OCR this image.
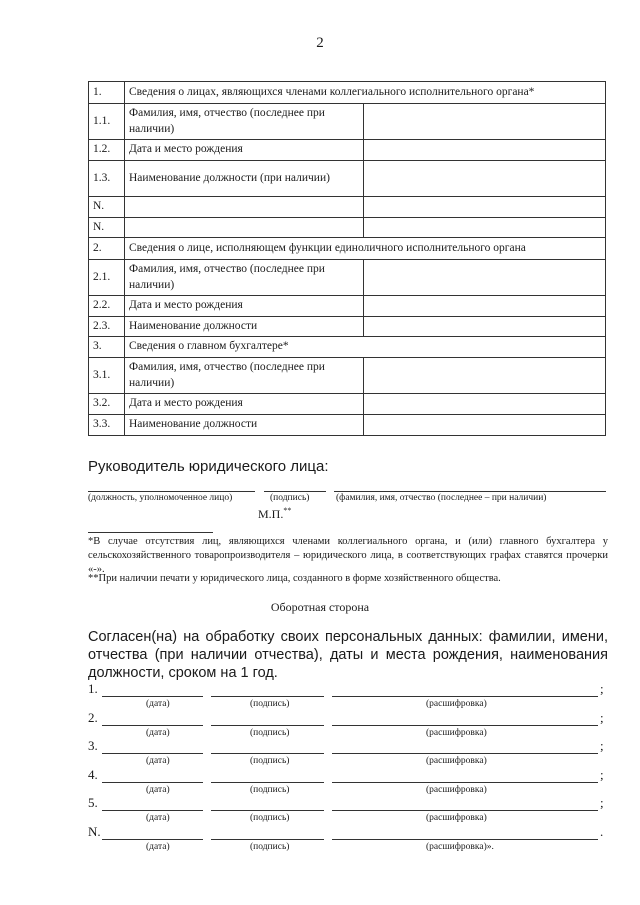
2
1.	Сведения о лицах, являющихся членами коллегиального исполнительного органа*	
1.1.	Фамилия, имя, отчество (последнее при наличии)	
1.2.	Дата и место рождения	
1.3.	Наименование должности (при наличии)	
N.		
N.		
2.	Сведения о лице, исполняющем функции единоличного исполнительного органа	
2.1.	Фамилия, имя, отчество (последнее при наличии)	
2.2.	Дата и место рождения	
2.3.	Наименование должности	
3.	Сведения о главном бухгалтере*	
3.1.	Фамилия, имя, отчество (последнее при наличии)	
3.2.	Дата и место рождения	
3.3.	Наименование должности	
Руководитель юридического лица:
(должность, уполномоченное лицо)	(подпись)	(фамилия, имя, отчество (последнее – при наличии)
М.П.**
*В случае отсутствия лиц, являющихся членами коллегиального органа, и (или) главного бухгалтера у сельскохозяйственного товаропроизводителя – юридического лица, в соответствующих графах ставятся прочерки «-».
**При наличии печати у юридического лица, созданного в форме хозяйственного общества.
Оборотная сторона
Согласен(на) на обработку своих персональных данных: фамилии, имени, отчества (при наличии отчества), даты и места рождения, наименования должности, сроком на 1 год.
1.	;
(дата)	(подпись)	(расшифровка)
2.	;
(дата)	(подпись)	(расшифровка)
3.	;
(дата)	(подпись)	(расшифровка)
4.	;
(дата)	(подпись)	(расшифровка)
5.	;
(дата)	(подпись)	(расшифровка)
N.	.
(дата)	(подпись)	(расшифровка)».
